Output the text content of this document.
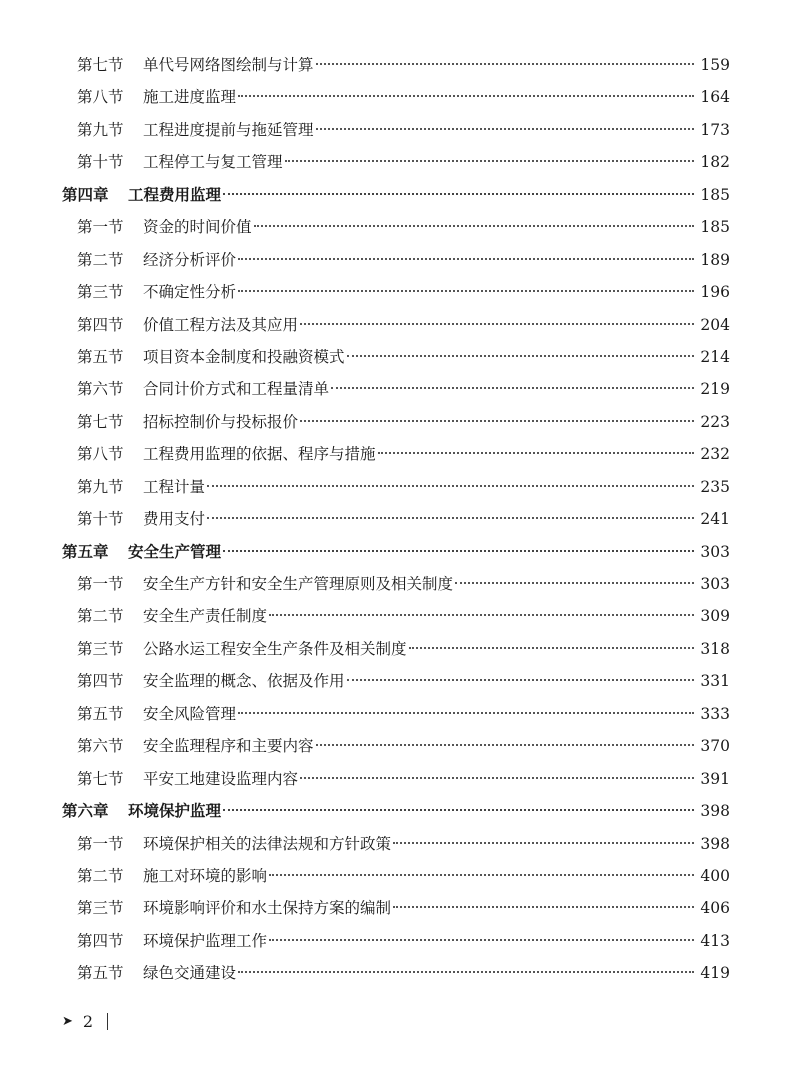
第七节	单代号网络图绘制与计算	159
第八节	施工进度监理	164
第九节	工程进度提前与拖延管理	173
第十节	工程停工与复工管理	182
第四章	工程费用监理	185
第一节	资金的时间价值	185
第二节	经济分析评价	189
第三节	不确定性分析	196
第四节	价值工程方法及其应用	204
第五节	项目资本金制度和投融资模式	214
第六节	合同计价方式和工程量清单	219
第七节	招标控制价与投标报价	223
第八节	工程费用监理的依据、程序与措施	232
第九节	工程计量	235
第十节	费用支付	241
第五章	安全生产管理	303
第一节	安全生产方针和安全生产管理原则及相关制度	303
第二节	安全生产责任制度	309
第三节	公路水运工程安全生产条件及相关制度	318
第四节	安全监理的概念、依据及作用	331
第五节	安全风险管理	333
第六节	安全监理程序和主要内容	370
第七节	平安工地建设监理内容	391
第六章	环境保护监理	398
第一节	环境保护相关的法律法规和方针政策	398
第二节	施工对环境的影响	400
第三节	环境影响评价和水土保持方案的编制	406
第四节	环境保护监理工作	413
第五节	绿色交通建设	419
➤ 2
